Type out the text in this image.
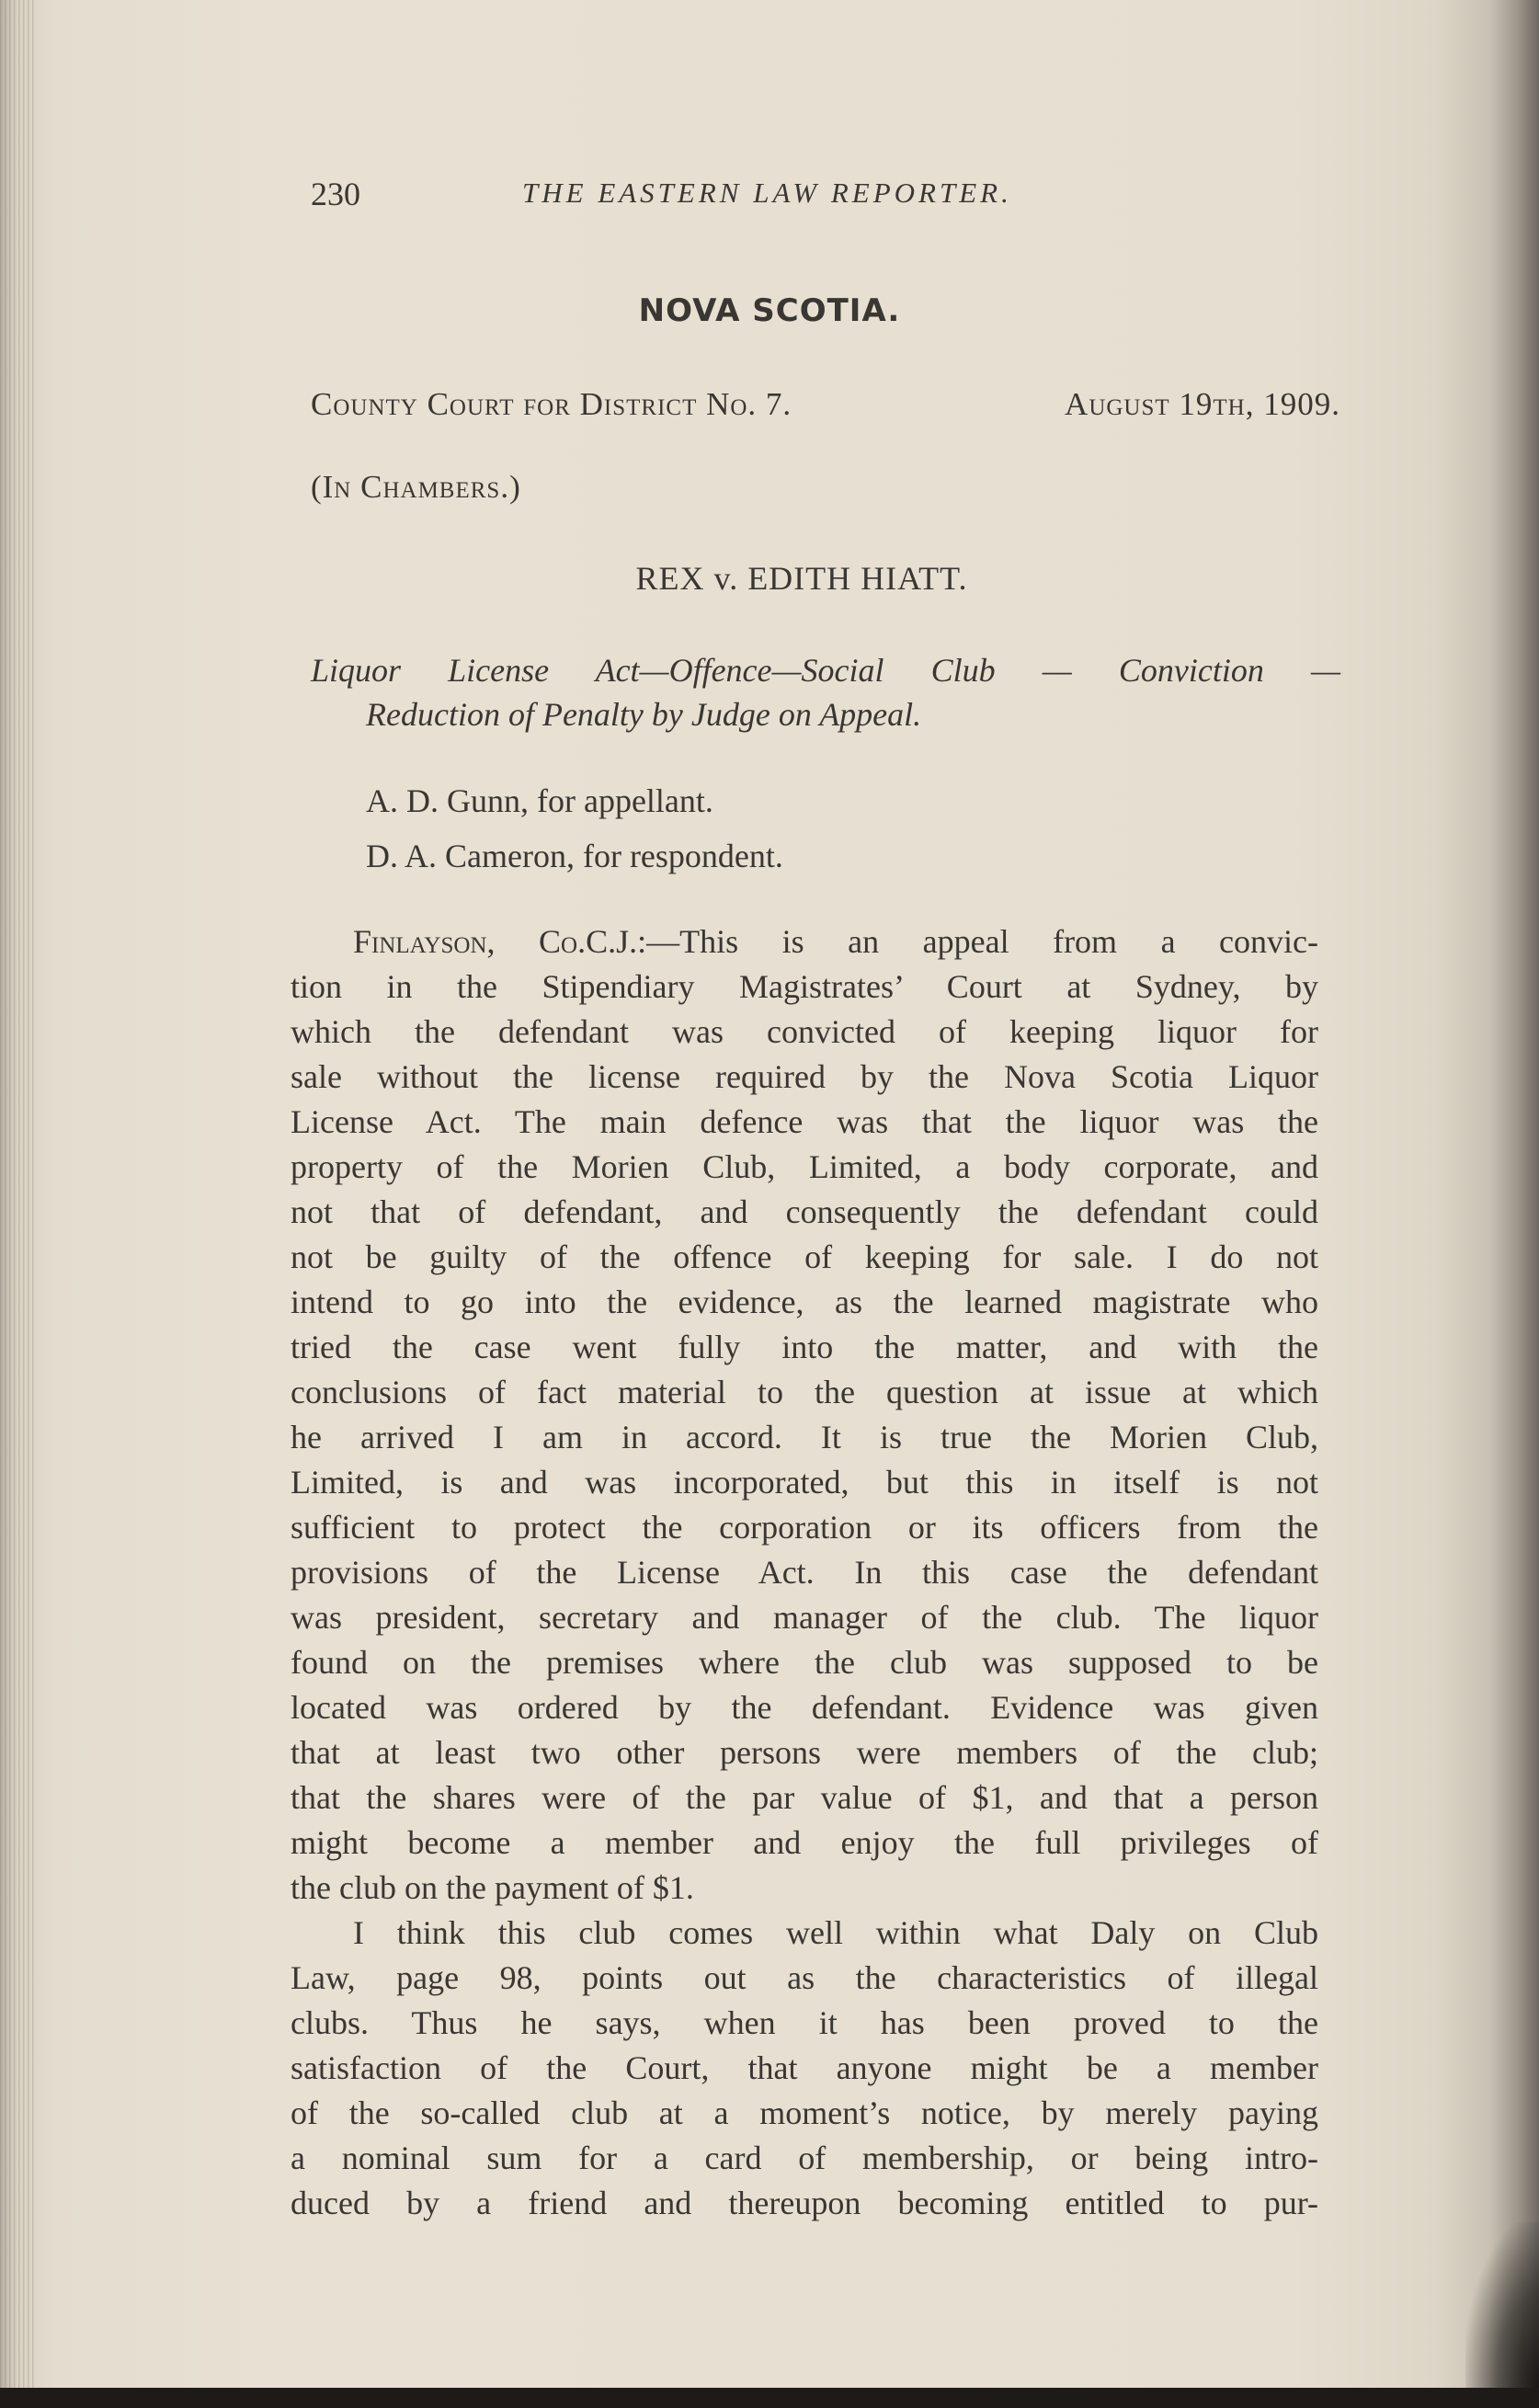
230	THE EASTERN LAW REPORTER.
NOVA SCOTIA.
County Court for District No. 7.	August 19th, 1909.
(In Chambers.)
REX v. EDITH HIATT.
Liquor License Act—Offence—Social Club — Conviction —
Reduction of Penalty by Judge on Appeal.
A. D. Gunn, for appellant.
D. A. Cameron, for respondent.
Finlayson, Co.C.J.:—This is an appeal from a convic-
tion in the Stipendiary Magistrates’ Court at Sydney, by
which the defendant was convicted of keeping liquor for
sale without the license required by the Nova Scotia Liquor
License Act. The main defence was that the liquor was the
property of the Morien Club, Limited, a body corporate, and
not that of defendant, and consequently the defendant could
not be guilty of the offence of keeping for sale. I do not
intend to go into the evidence, as the learned magistrate who
tried the case went fully into the matter, and with the
conclusions of fact material to the question at issue at which
he arrived I am in accord. It is true the Morien Club,
Limited, is and was incorporated, but this in itself is not
sufficient to protect the corporation or its officers from the
provisions of the License Act. In this case the defendant
was president, secretary and manager of the club. The liquor
found on the premises where the club was supposed to be
located was ordered by the defendant. Evidence was given
that at least two other persons were members of the club;
that the shares were of the par value of $1, and that a person
might become a member and enjoy the full privileges of
the club on the payment of $1.
I think this club comes well within what Daly on Club
Law, page 98, points out as the characteristics of illegal
clubs. Thus he says, when it has been proved to the
satisfaction of the Court, that anyone might be a member
of the so-called club at a moment’s notice, by merely paying
a nominal sum for a card of membership, or being intro-
duced by a friend and thereupon becoming entitled to pur-
